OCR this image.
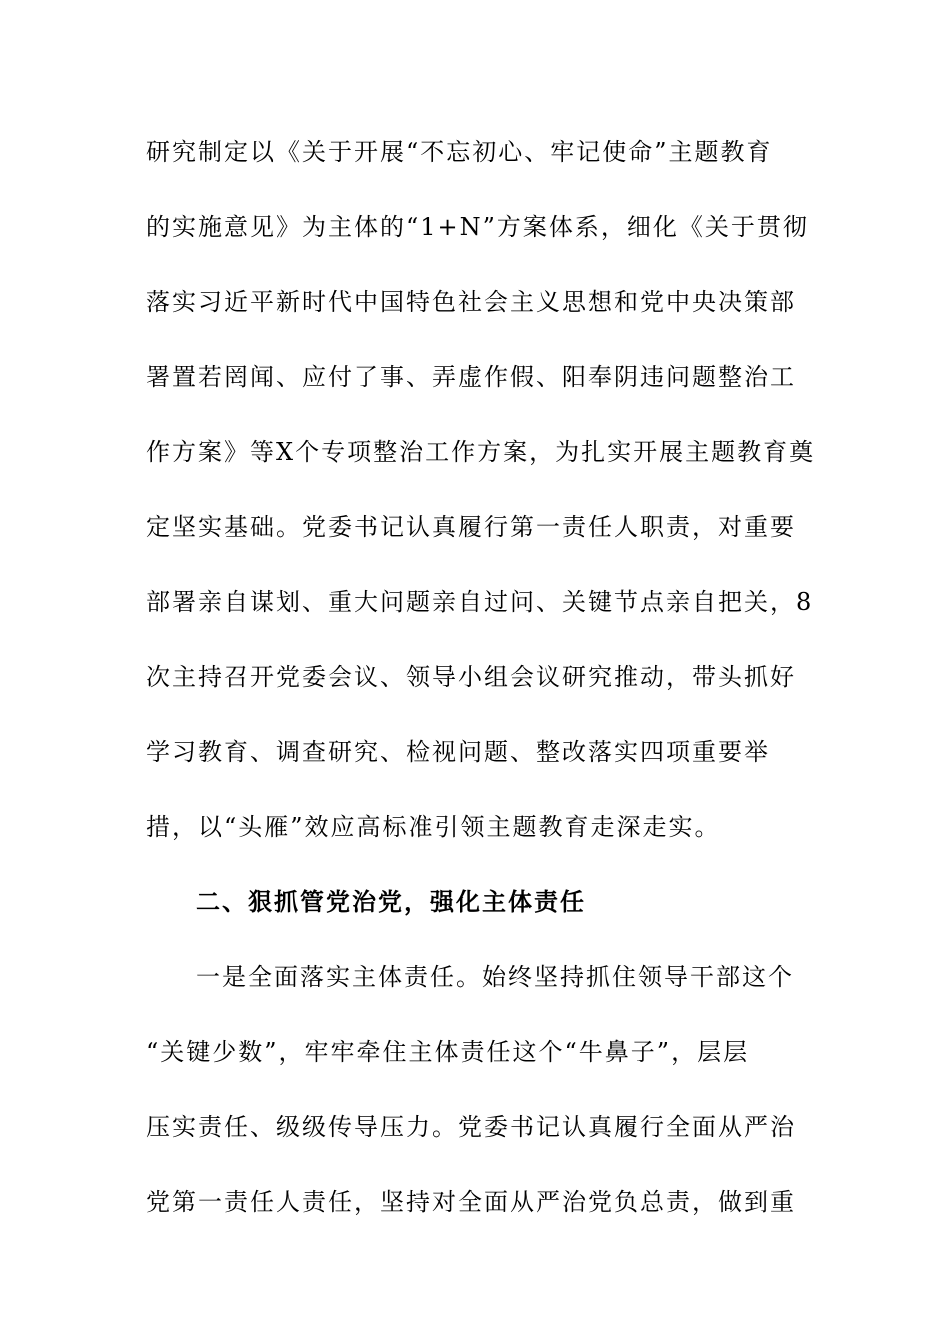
研究制定以《关于开展“不忘初心、牢记使命”主题教育
的实施意见》为主体的“1+N”方案体系，细化《关于贯彻
落实习近平新时代中国特色社会主义思想和党中央决策部
署置若罔闻、应付了事、弄虚作假、阳奉阴违问题整治工
作方案》等X个专项整治工作方案，为扎实开展主题教育奠
定坚实基础。党委书记认真履行第一责任人职责，对重要
部署亲自谋划、重大问题亲自过问、关键节点亲自把关，8
次主持召开党委会议、领导小组会议研究推动，带头抓好
学习教育、调查研究、检视问题、整改落实四项重要举
措，以“头雁”效应高标准引领主题教育走深走实。
二、狠抓管党治党，强化主体责任
一是全面落实主体责任。始终坚持抓住领导干部这个
“关键少数”，牢牢牵住主体责任这个“牛鼻子”，层层
压实责任、级级传导压力。党委书记认真履行全面从严治
党第一责任人责任，坚持对全面从严治党负总责，做到重
